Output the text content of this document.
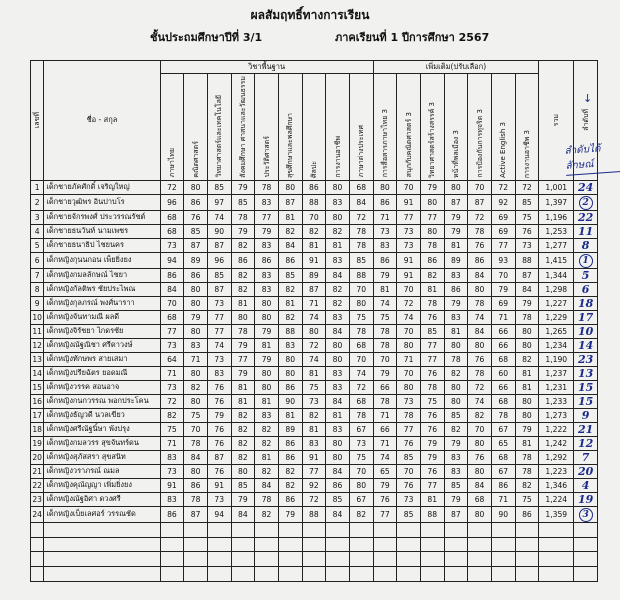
ผลสัมฤทธิ์ทางการเรียน
ชั้นประถมศึกษาปีที่ 3/1	ภาคเรียนที่ 1 ปีการศึกษา 2567
เลขที่	ชื่อ - สกุล	วิชาพื้นฐาน									เพิ่มเติม(ปรับเลือก)							รวม	ลำดับที่
		ภาษาไทย	คณิตศาสตร์	วิทยาศาสตร์และเทคโนโลยี	สังคมศึกษา ศาสนาและวัฒนธรรม	ประวัติศาสตร์	สุขศึกษาและพลศึกษา	ศิลปะ	การงานอาชีพ	ภาษาต่างประเทศ	การสื่อสารภาษาไทย 3	สนุกกับคณิตศาสตร์ 3	วิทยาศาสตร์สร้างสรรค์ 3	หน้าที่พลเมือง 3	การป้องกันการทุจริต 3	Active English 3	การงานอาชีพ 3		
1	เด็กชายภัคศักดิ์ เจริญใหญ่	72	80	85	79	78	80	86	80	68	80	70	79	80	70	72	72	1,001	24
2	เด็กชายวุฒิพร อินปาบโร	96	86	97	85	83	87	88	83	84	86	91	80	87	87	92	85	1,397	2
3	เด็กชายจักรพงศ์ ประวรรณรัชต์	68	76	74	78	77	81	70	80	72	71	77	77	79	72	69	75	1,196	22
4	เด็กชายธนวันท์ นามเพชร	68	85	90	79	79	82	82	82	78	73	73	80	79	78	69	76	1,253	11
5	เด็กชายธนาธิป ไชยนคร	73	87	87	82	83	84	81	81	78	83	73	78	81	76	77	73	1,277	8
6	เด็กหญิงกุนนกอน เพ็ยยิ่งยง	94	89	96	86	86	86	91	83	85	86	91	86	89	86	93	88	1,415	1
7	เด็กหญิงกมลลักษณ์ ไชยา	86	86	85	82	83	85	89	84	88	79	91	82	83	84	70	87	1,344	5
8	เด็กหญิงกัลติพร ชัยประไพณ	84	80	87	82	83	82	87	82	70	81	70	81	86	80	79	84	1,298	6
9	เด็กหญิงกุลภรณ์ พงศ์นาราา	70	80	73	81	80	81	71	82	80	74	72	78	79	78	69	79	1,227	18
10	เด็กหญิงจันทามณี ผลดี	68	79	77	80	80	82	74	83	75	75	74	76	83	74	71	78	1,229	17
11	เด็กหญิงจิรัชยา ไกดรชัย	77	80	77	78	79	88	80	84	78	78	70	85	81	84	66	80	1,265	10
12	เด็กหญิงณัฐณิชา ศรีดาวงษ์	73	83	74	79	81	83	72	80	68	78	80	77	80	80	66	80	1,234	14
13	เด็กหญิงทักษพร สายเสมา	64	71	73	77	79	80	74	80	70	70	71	77	78	76	68	82	1,190	23
14	เด็กหญิงปรียฉัตร ยอดมณี	71	80	83	79	80	80	81	83	74	79	70	76	82	78	60	81	1,237	13
15	เด็กหญิงวรรค สอนอาจ	73	82	76	81	80	86	75	83	72	66	80	78	80	72	66	81	1,231	15
16	เด็กหญิงกนกวรรณ พอกประโคน	72	80	76	81	81	90	73	84	68	78	73	75	80	74	68	80	1,233	15
17	เด็กหญิงธัญวดี นวลเขียว	82	75	79	82	83	81	82	81	78	71	78	76	85	82	78	80	1,273	9
18	เด็กหญิงศรีณัฐนิ์ษา พังปรุง	75	70	76	82	82	89	81	83	67	66	77	76	82	70	67	79	1,222	21
19	เด็กหญิงกมลวรร สุขจันทร์ดน	71	78	76	82	82	86	83	80	73	71	76	79	79	80	65	81	1,242	12
20	เด็กหญิงสุภัสสรา สุขสนิท	83	84	87	82	81	86	91	80	75	74	85	79	83	76	68	78	1,292	7
21	เด็กหญิงวราภรณ์ ณมล	73	80	76	80	82	82	77	84	70	65	70	76	83	80	67	78	1,223	20
22	เด็กหญิงคุณัญญา เพิ่มยิ่งยง	91	86	91	85	84	82	92	86	80	79	76	77	85	84	86	82	1,346	4
23	เด็กหญิงณัฐอิศา ดวงศรี	83	78	73	79	78	86	72	85	67	76	73	81	79	68	71	75	1,224	19
24	เด็กหญิงเบ็ยเลศอร์ วรรณชัด	86	87	94	84	82	79	88	84	82	77	85	88	87	80	90	86	1,359	3

↓
ลำดับได้ลักษณ์
